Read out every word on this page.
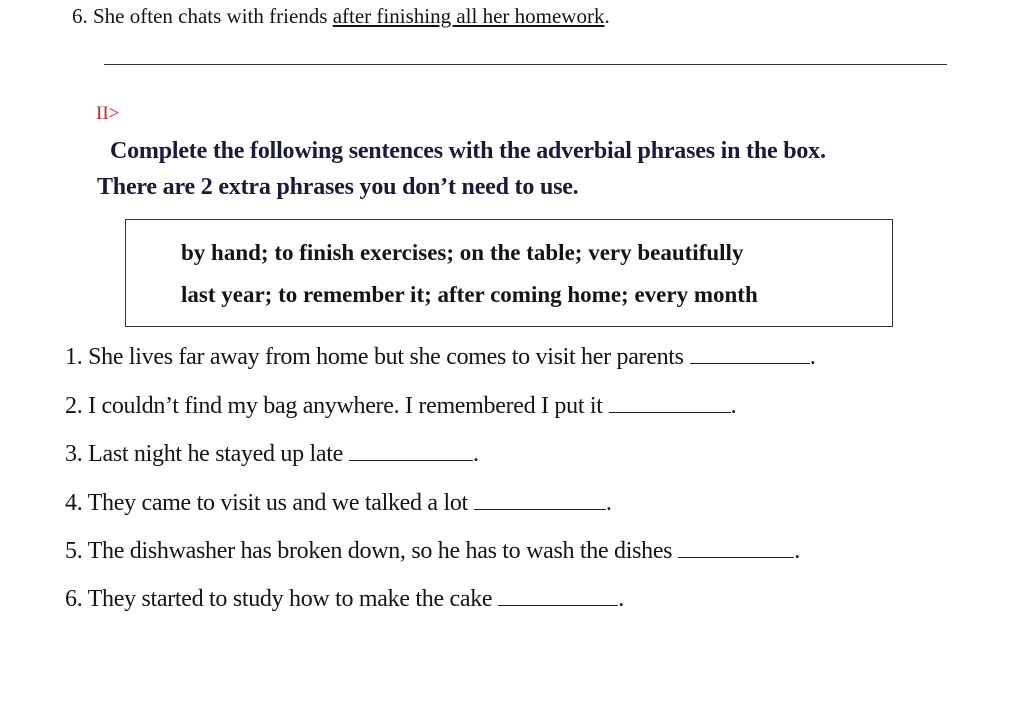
6. She often chats with friends after finishing all her homework.
II>
Complete the following sentences with the adverbial phrases in the box.
There are 2 extra phrases you don’t need to use.
by hand; to finish exercises; on the table; very beautifully
last year; to remember it; after coming home; every month
1. She lives far away from home but she comes to visit her parents	.
2. I couldn’t find my bag anywhere. I remembered I put it	.
3. Last night he stayed up late	.
4. They came to visit us and we talked a lot	.
5. The dishwasher has broken down, so he has to wash the dishes	.
6. They started to study how to make the cake	.
